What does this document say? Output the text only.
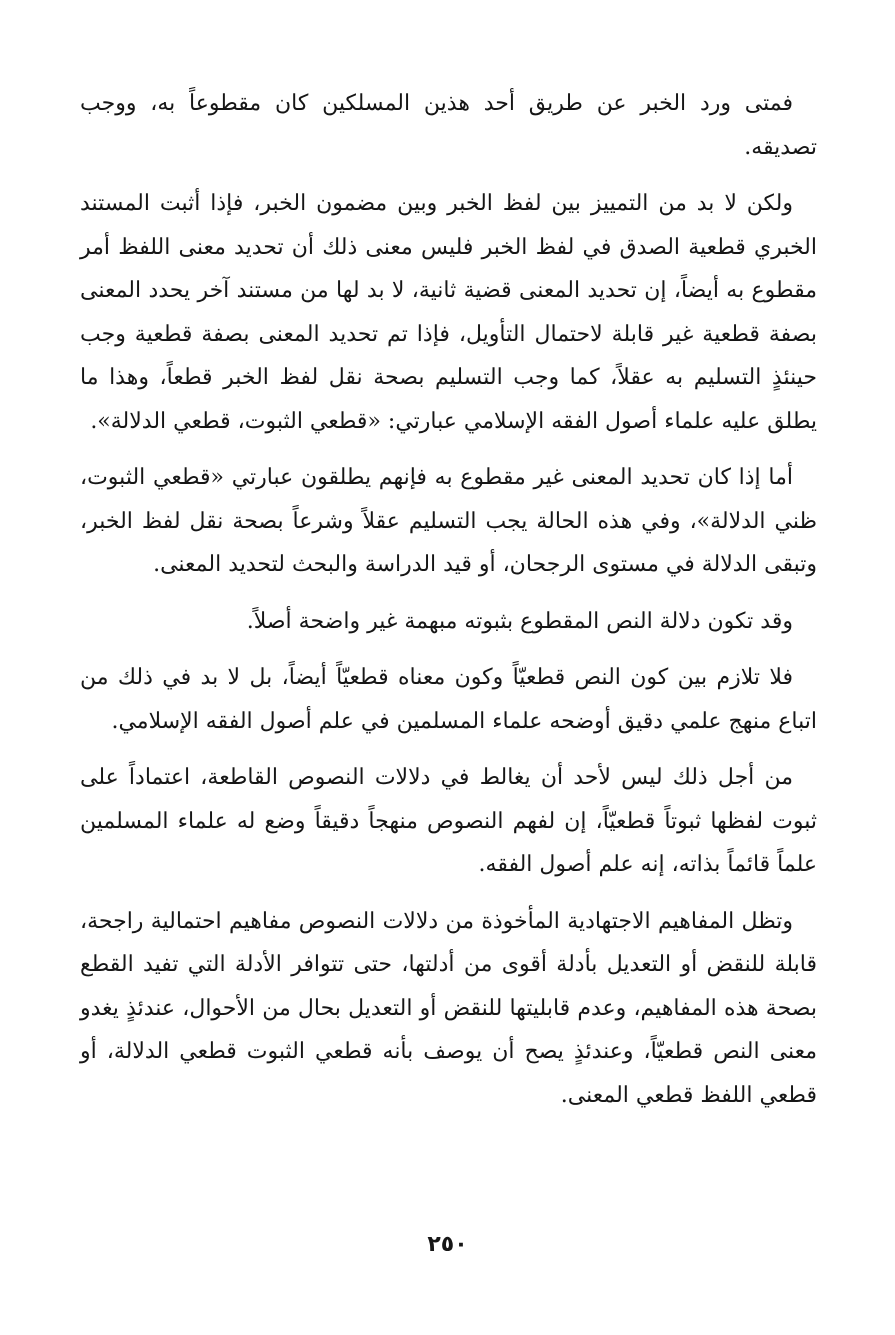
فمتى ورد الخبر عن طريق أحد هذين المسلكين كان مقطوعاً به، ووجب تصديقه.

ولكن لا بد من التمييز بين لفظ الخبر وبين مضمون الخبر، فإذا أثبت المستند الخبري قطعية الصدق في لفظ الخبر فليس معنى ذلك أن تحديد معنى اللفظ أمر مقطوع به أيضاً، إن تحديد المعنى قضية ثانية، لا بد لها من مستند آخر يحدد المعنى بصفة قطعية غير قابلة لاحتمال التأويل، فإذا تم تحديد المعنى بصفة قطعية وجب حينئذٍ التسليم به عقلاً، كما وجب التسليم بصحة نقل لفظ الخبر قطعاً، وهذا ما يطلق عليه علماء أصول الفقه الإسلامي عبارتي: «قطعي الثبوت، قطعي الدلالة».

أما إذا كان تحديد المعنى غير مقطوع به فإنهم يطلقون عبارتي «قطعي الثبوت، ظني الدلالة»، وفي هذه الحالة يجب التسليم عقلاً وشرعاً بصحة نقل لفظ الخبر، وتبقى الدلالة في مستوى الرجحان، أو قيد الدراسة والبحث لتحديد المعنى.

وقد تكون دلالة النص المقطوع بثبوته مبهمة غير واضحة أصلاً.

فلا تلازم بين كون النص قطعيّاً وكون معناه قطعيّاً أيضاً، بل لا بد في ذلك من اتباع منهج علمي دقيق أوضحه علماء المسلمين في علم أصول الفقه الإسلامي.

من أجل ذلك ليس لأحد أن يغالط في دلالات النصوص القاطعة، اعتماداً على ثبوت لفظها ثبوتاً قطعيّاً، إن لفهم النصوص منهجاً دقيقاً وضع له علماء المسلمين علماً قائماً بذاته، إنه علم أصول الفقه.

وتظل المفاهيم الاجتهادية المأخوذة من دلالات النصوص مفاهيم احتمالية راجحة، قابلة للنقض أو التعديل بأدلة أقوى من أدلتها، حتى تتوافر الأدلة التي تفيد القطع بصحة هذه المفاهيم، وعدم قابليتها للنقض أو التعديل بحال من الأحوال، عندئذٍ يغدو معنى النص قطعيّاً، وعندئذٍ يصح أن يوصف بأنه قطعي الثبوت قطعي الدلالة، أو قطعي اللفظ قطعي المعنى.

٢٥٠
